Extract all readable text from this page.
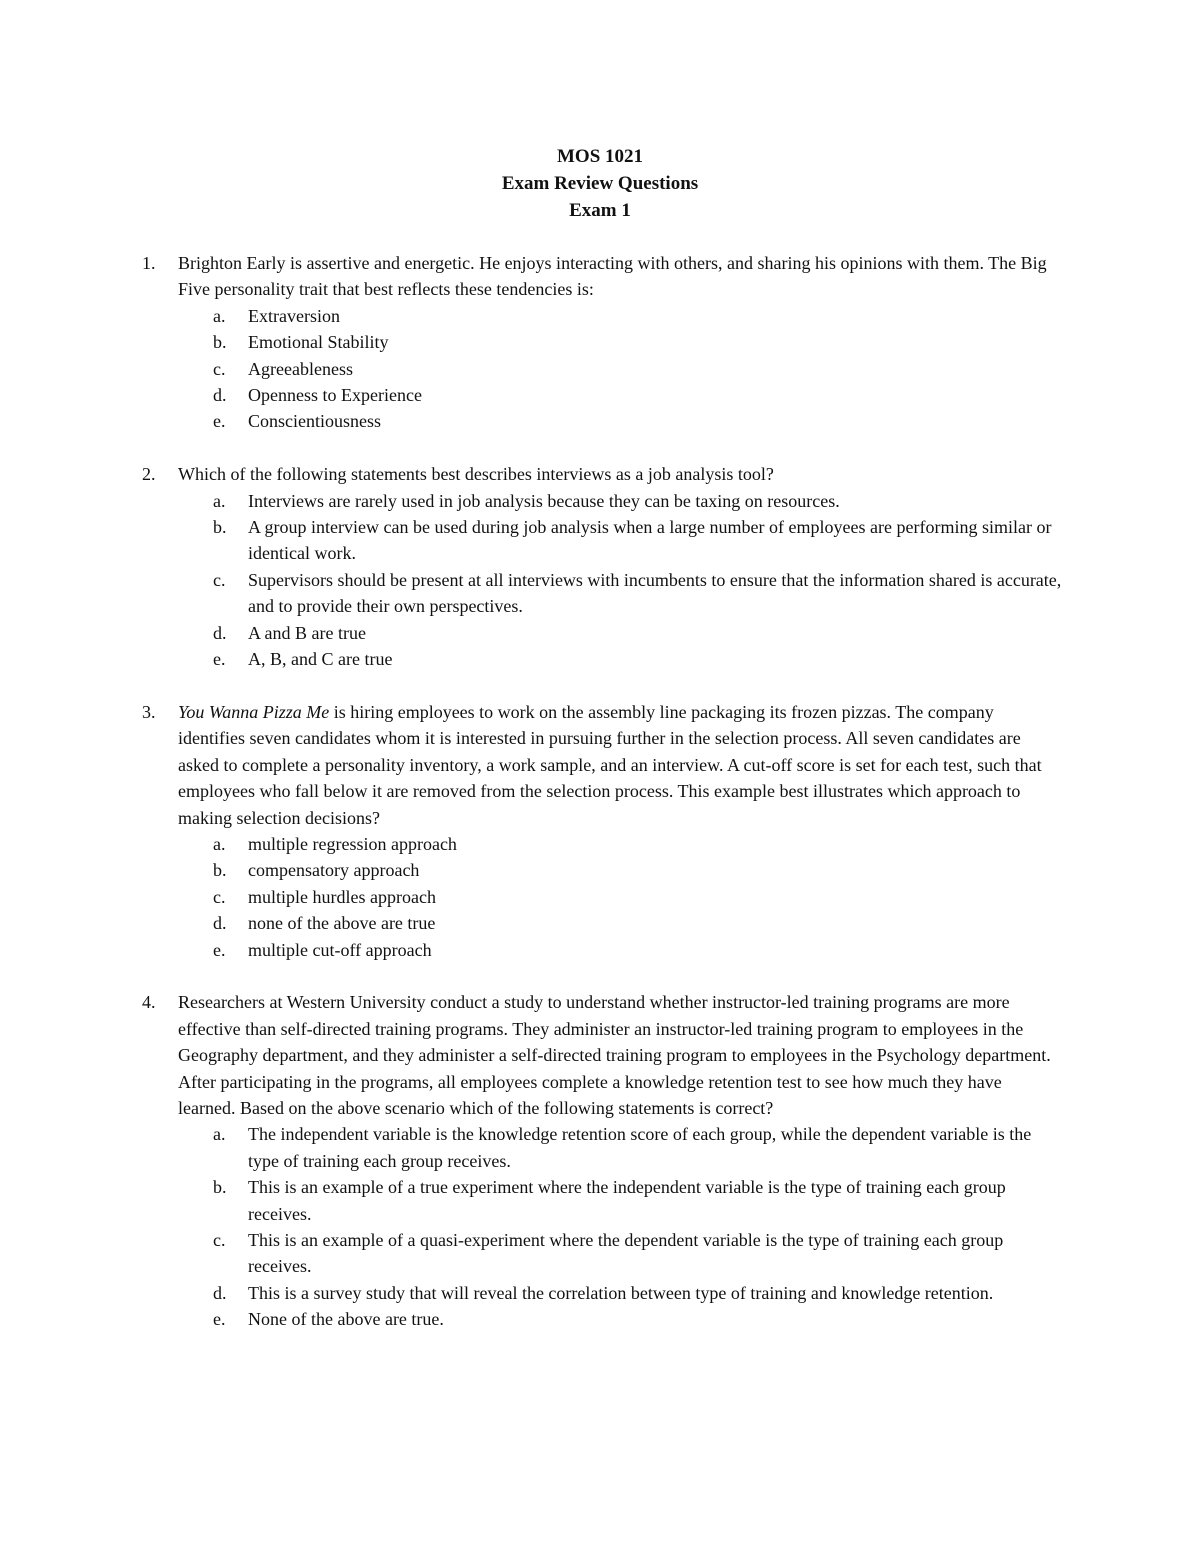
MOS 1021
Exam Review Questions
Exam 1
1.	Brighton Early is assertive and energetic. He enjoys interacting with others, and sharing his opinions with them. The Big Five personality trait that best reflects these tendencies is:
a.	Extraversion
b.	Emotional Stability
c.	Agreeableness
d.	Openness to Experience
e.	Conscientiousness
2.	Which of the following statements best describes interviews as a job analysis tool?
a.	Interviews are rarely used in job analysis because they can be taxing on resources.
b.	A group interview can be used during job analysis when a large number of employees are performing similar or identical work.
c.	Supervisors should be present at all interviews with incumbents to ensure that the information shared is accurate, and to provide their own perspectives.
d.	A and B are true
e.	A, B, and C are true
3.	You Wanna Pizza Me is hiring employees to work on the assembly line packaging its frozen pizzas. The company identifies seven candidates whom it is interested in pursuing further in the selection process. All seven candidates are asked to complete a personality inventory, a work sample, and an interview. A cut-off score is set for each test, such that employees who fall below it are removed from the selection process. This example best illustrates which approach to making selection decisions?
a.	multiple regression approach
b.	compensatory approach
c.	multiple hurdles approach
d.	none of the above are true
e.	multiple cut-off approach
4.	Researchers at Western University conduct a study to understand whether instructor-led training programs are more effective than self-directed training programs. They administer an instructor-led training program to employees in the Geography department, and they administer a self-directed training program to employees in the Psychology department. After participating in the programs, all employees complete a knowledge retention test to see how much they have learned. Based on the above scenario which of the following statements is correct?
a.	The independent variable is the knowledge retention score of each group, while the dependent variable is the type of training each group receives.
b.	This is an example of a true experiment where the independent variable is the type of training each group receives.
c.	This is an example of a quasi-experiment where the dependent variable is the type of training each group receives.
d.	This is a survey study that will reveal the correlation between type of training and knowledge retention.
e.	None of the above are true.
